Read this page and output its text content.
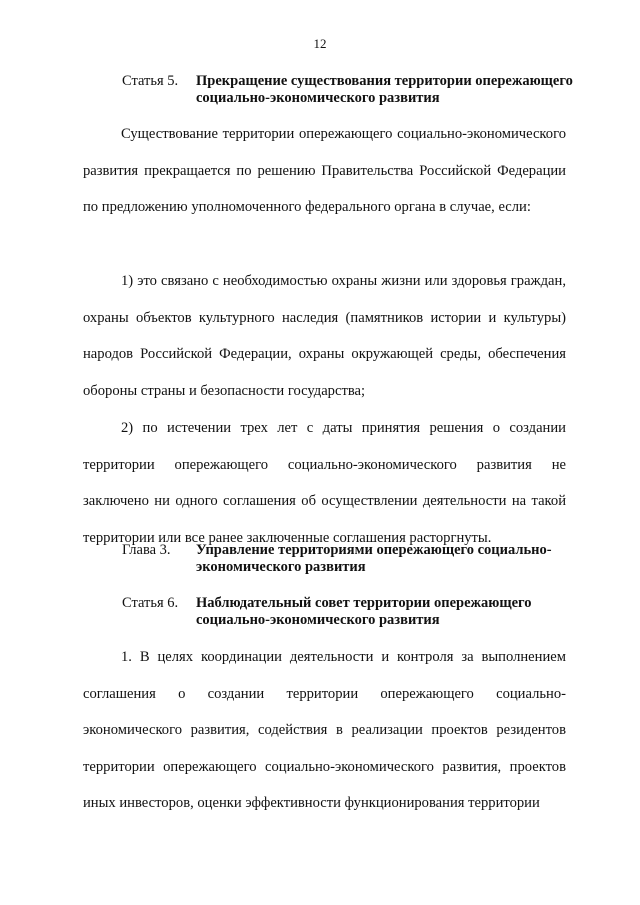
12
Статья 5. Прекращение существования территории опережающего социально-экономического развития

Существование территории опережающего социально-экономического развития прекращается по решению Правительства Российской Федерации по предложению уполномоченного федерального органа в случае, если:

1) это связано с необходимостью охраны жизни или здоровья граждан, охраны объектов культурного наследия (памятников истории и культуры) народов Российской Федерации, охраны окружающей среды, обеспечения обороны страны и безопасности государства;

2) по истечении трех лет с даты принятия решения о создании территории опережающего социально-экономического развития не заключено ни одного соглашения об осуществлении деятельности на такой территории или все ранее заключенные соглашения расторгнуты.

Глава 3. Управление территориями опережающего социально-экономического развития
Статья 6. Наблюдательный совет территории опережающего социально-экономического развития

1. В целях координации деятельности и контроля за выполнением соглашения о создании территории опережающего социально-экономического развития, содействия в реализации проектов резидентов территории опережающего социально-экономического развития, проектов иных инвесторов, оценки эффективности функционирования территории
